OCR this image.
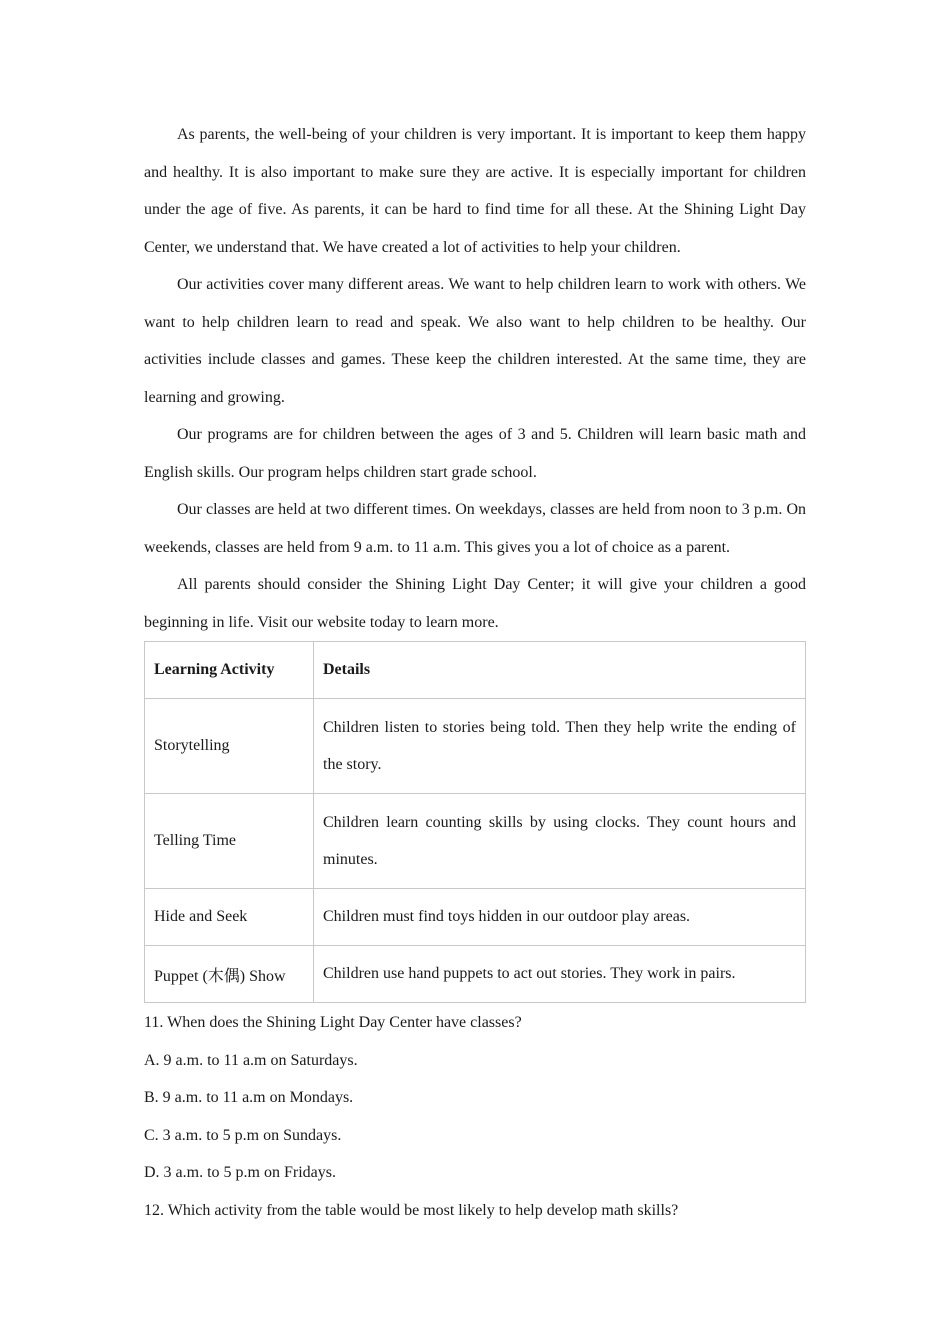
As parents, the well-being of your children is very important. It is important to keep them happy and healthy. It is also important to make sure they are active. It is especially important for children under the age of five. As parents, it can be hard to find time for all these. At the Shining Light Day Center, we understand that. We have created a lot of activities to help your children.

Our activities cover many different areas. We want to help children learn to work with others. We want to help children learn to read and speak. We also want to help children to be healthy. Our activities include classes and games. These keep the children interested. At the same time, they are learning and growing.

Our programs are for children between the ages of 3 and 5. Children will learn basic math and English skills. Our program helps children start grade school.

Our classes are held at two different times. On weekdays, classes are held from noon to 3 p.m. On weekends, classes are held from 9 a.m. to 11 a.m. This gives you a lot of choice as a parent.

All parents should consider the Shining Light Day Center; it will give your children a good beginning in life. Visit our website today to learn more.

Learning Activity	Details
Storytelling	Children listen to stories being told. Then they help write the ending of the story.
Telling Time	Children learn counting skills by using clocks. They count hours and minutes.
Hide and Seek	Children must find toys hidden in our outdoor play areas.
Puppet (木偶) Show	Children use hand puppets to act out stories. They work in pairs.

11. When does the Shining Light Day Center have classes?

A. 9 a.m. to 11 a.m on Saturdays.

B. 9 a.m. to 11 a.m on Mondays.

C. 3 a.m. to 5 p.m on Sundays.

D. 3 a.m. to 5 p.m on Fridays.

12. Which activity from the table would be most likely to help develop math skills?
